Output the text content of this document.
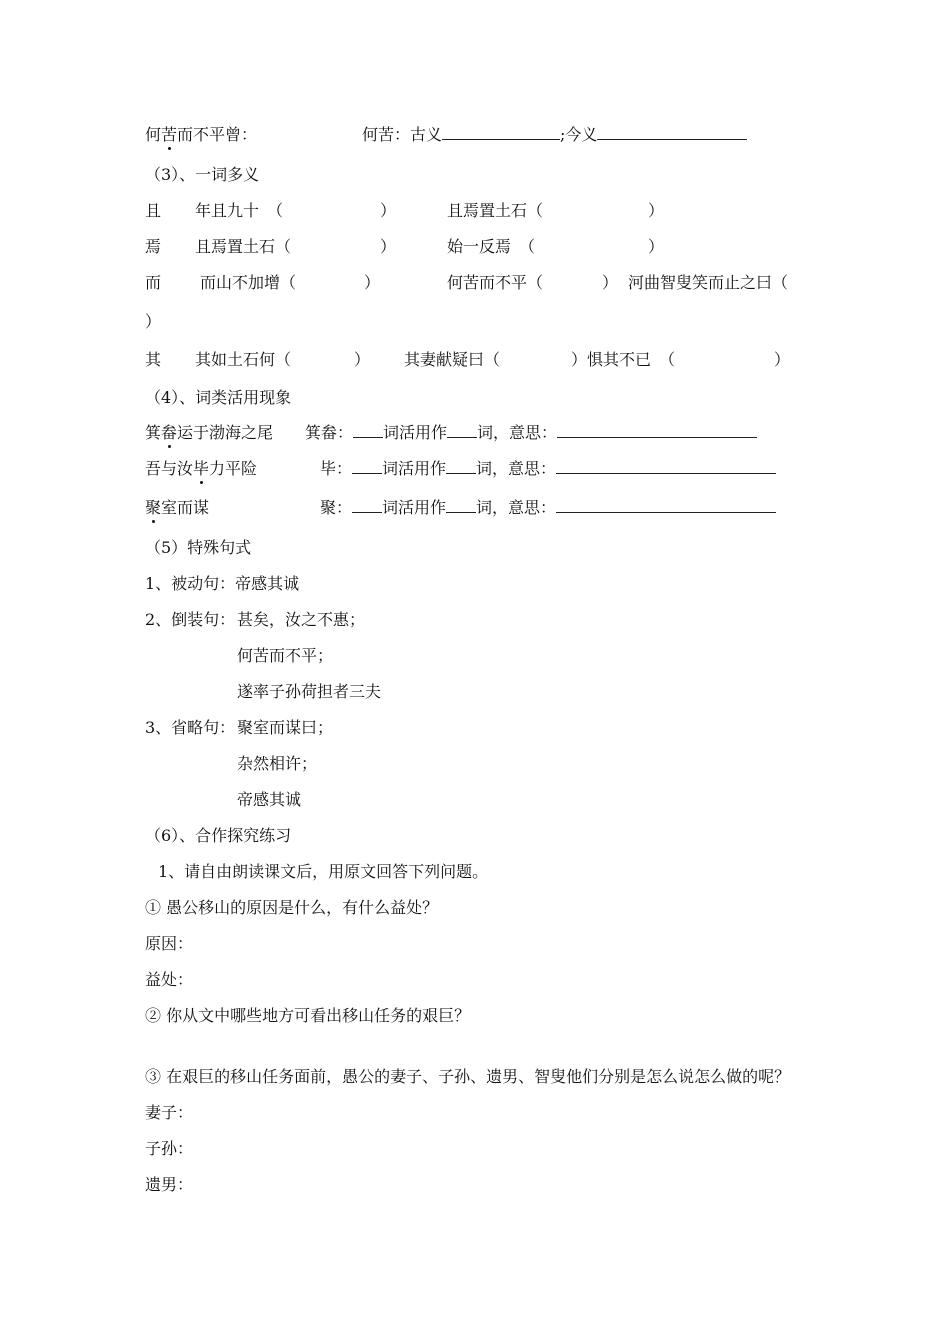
何苦而不平曾：	何苦：古义	;今义
（3）、一词多义
且 年且九十　（	）	且焉置土石（	）
焉 且焉置土石（	）	始一反焉　（	）
而 而山不加增（	）	何苦而不平（	） 河曲智叟笑而止之曰（
）
其 其如土石何（	） 其妻献疑曰（	）惧其不已　（	）
（4）、词类活用现象
箕畚运于渤海之尾 箕畚： 词活用作 词，意思：
吾与汝毕力平险	毕： 词活用作 词，意思：
聚室而谋	聚： 词活用作 词，意思：
（5）特殊句式
1、被动句：帝感其诚
2、倒装句： 甚矣，汝之不惠；
何苦而不平；
遂率子孙荷担者三夫
3、省略句： 聚室而谋曰；
杂然相许；
帝感其诚
（6）、合作探究练习
1、请自由朗读课文后，用原文回答下列问题。
① 愚公移山的原因是什么，有什么益处？
原因：
益处：
② 你从文中哪些地方可看出移山任务的艰巨？
③ 在艰巨的移山任务面前，愚公的妻子、子孙、遗男、智叟他们分别是怎么说怎么做的呢？
妻子：
子孙：
遗男：
